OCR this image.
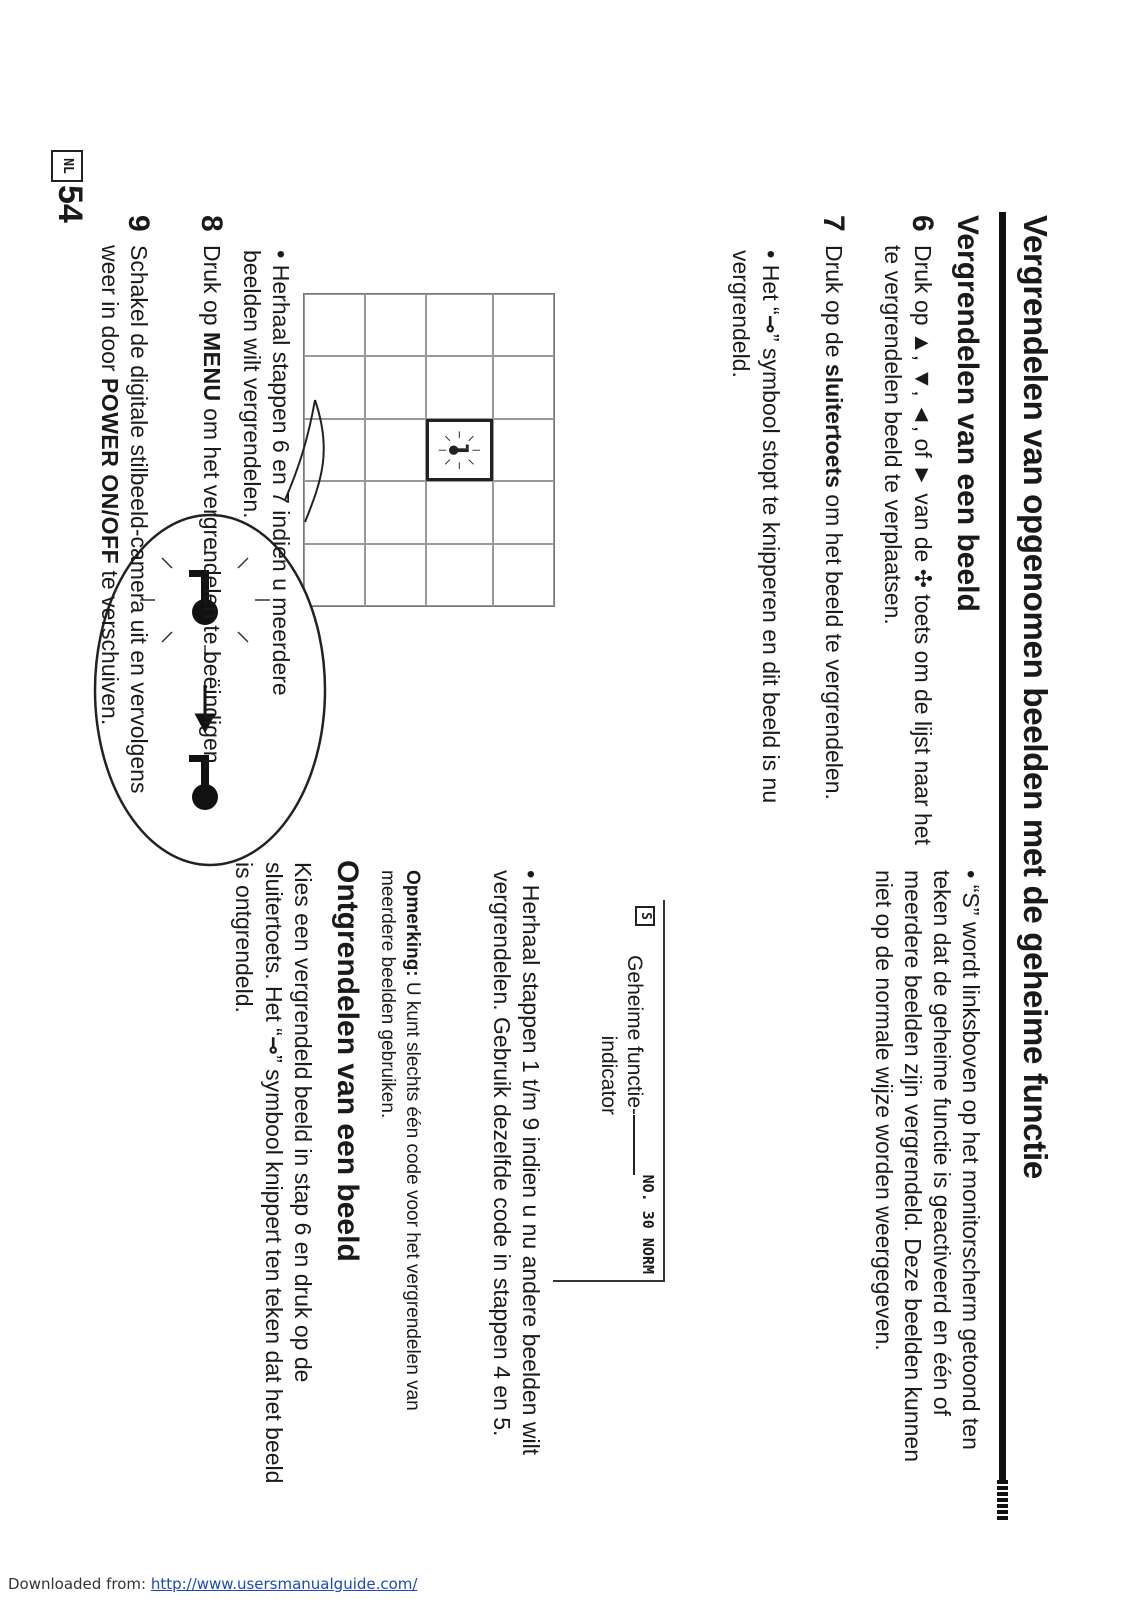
Vergrendelen van opgenomen beelden met de geheime functie
Vergrendelen van een beeld
6
Druk op ▲, ▼, ◄, of ► van de ✣ toets om de lijst naar het te vergrendelen beeld te verplaatsen.
7
Druk op de sluitertoets om het beeld te vergrendelen.
• Het “⊸” symbool stopt te knipperen en dit beeld is nu vergrendeld.
• Herhaal stappen 6 en 7 indien u meerdere beelden wilt vergrendelen.
8
Druk op MENU om het vergrendelen te beëindigen.
9
Schakel de digitale stilbeeld-camera uit en vervolgens weer in door POWER ON/OFF te verschuiven.
NL
54
• “S” wordt linksboven op het monitorscherm getoond ten teken dat de geheime functie is geactiveerd en één of meerdere beelden zijn vergrendeld. Deze beelden kunnen niet op de normale wijze worden weergegeven.
S
NO. 30 NORM
Geheime functie-indicator
• Herhaal stappen 1 t/m 9 indien u nu andere beelden wilt vergrendelen. Gebruik dezelfde code in stappen 4 en 5.
Opmerking: U kunt slechts één code voor het vergrendelen van meerdere beelden gebruiken.
Ontgrendelen van een beeld
Kies een vergrendeld beeld in stap 6 en druk op de sluitertoets. Het “⊸” symbool knippert ten teken dat het beeld is ontgrendeld.
Downloaded from: http://www.usersmanualguide.com/
